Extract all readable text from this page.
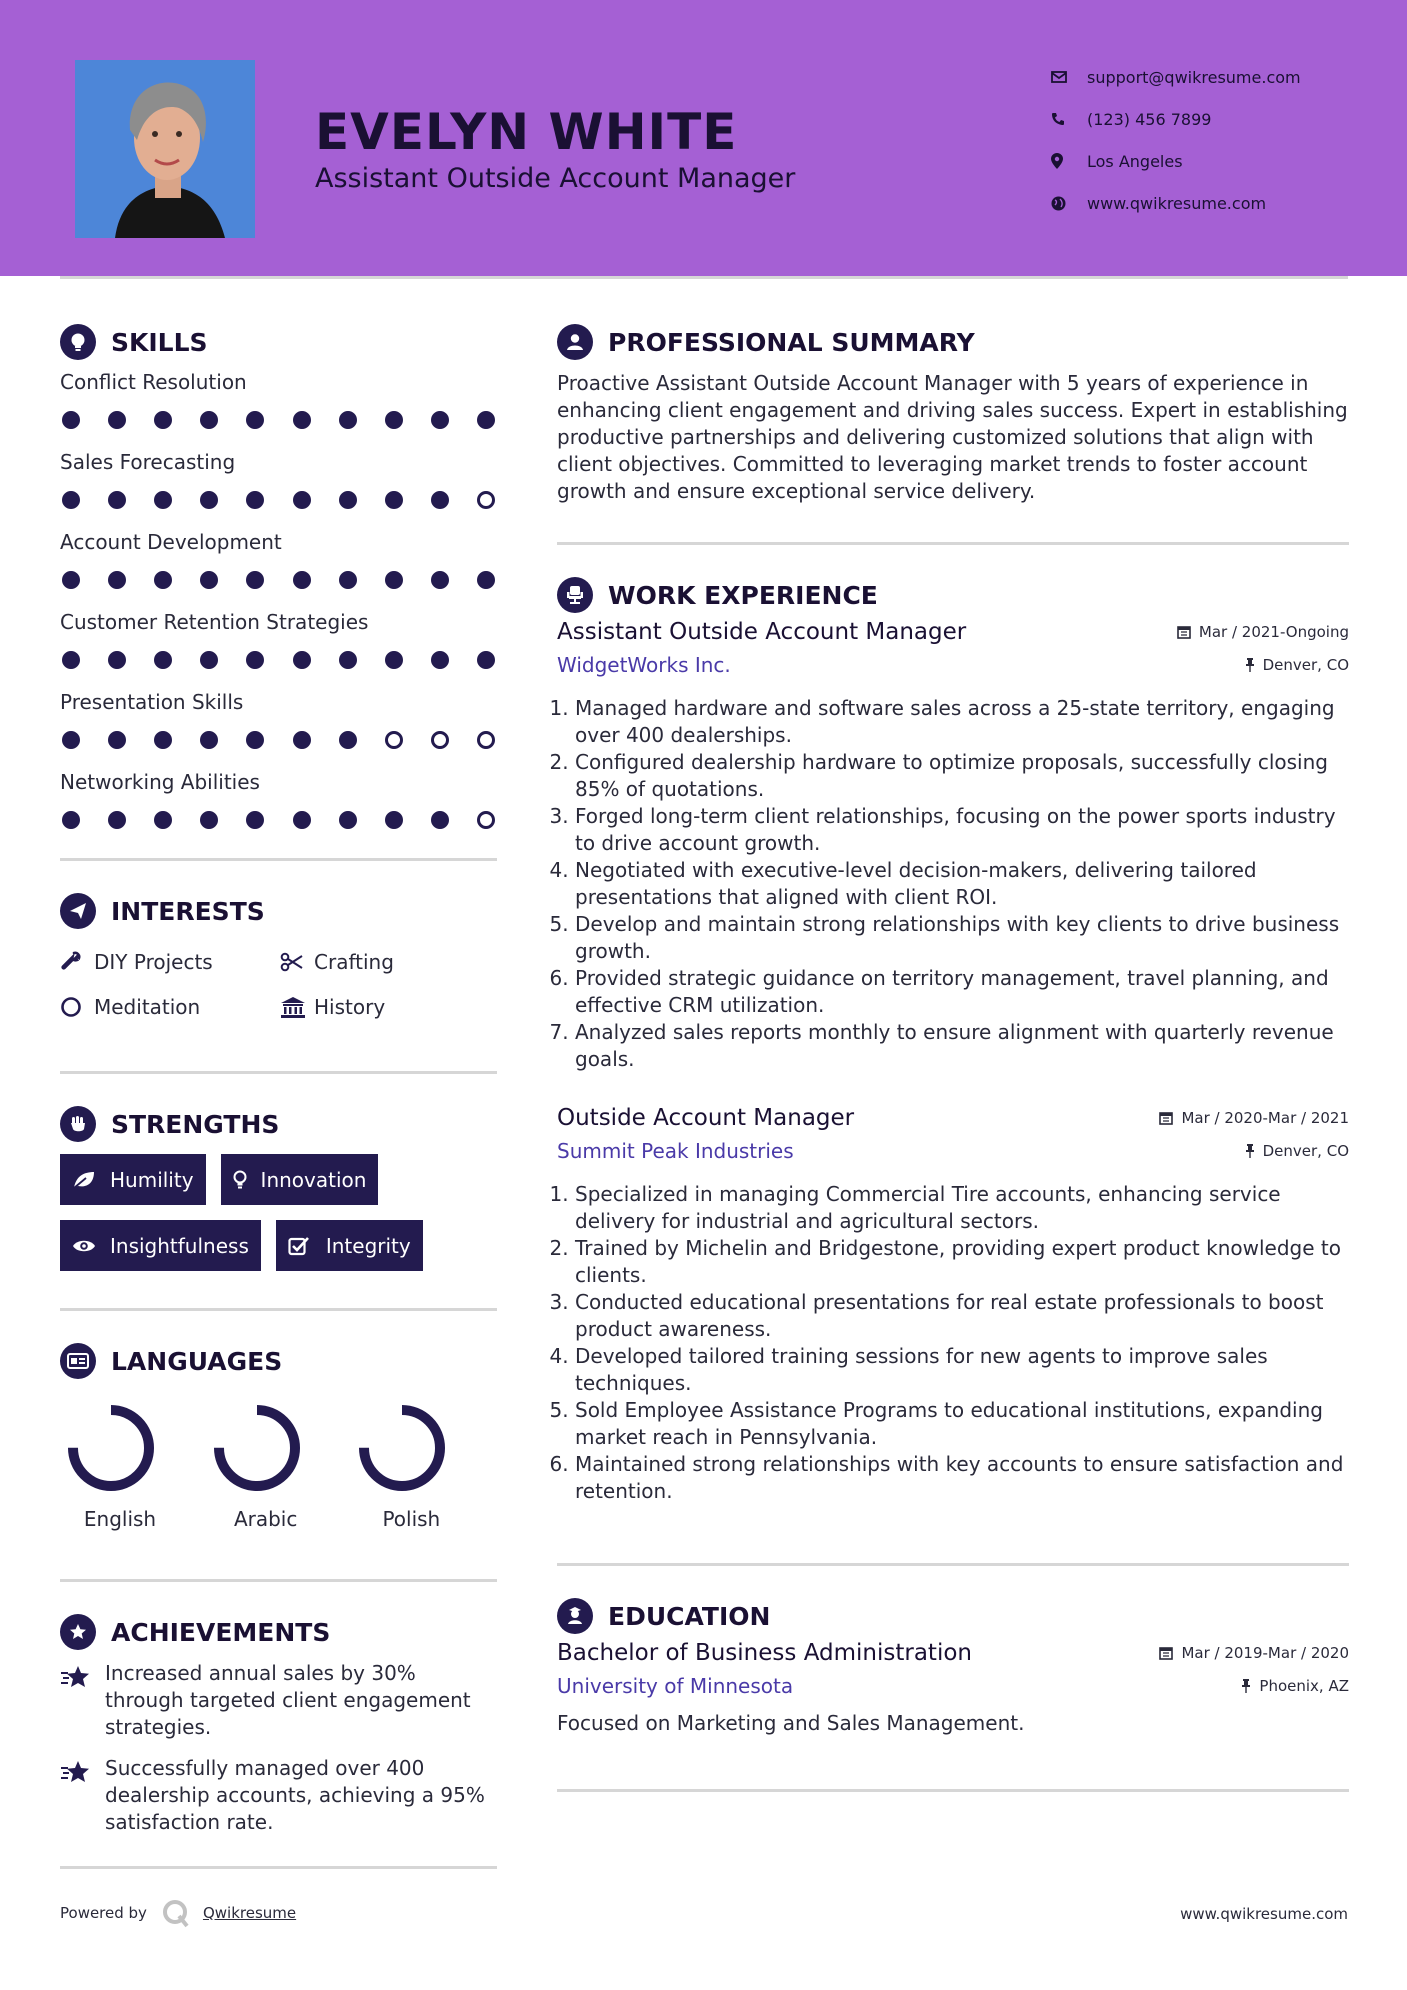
EVELYN WHITE
Assistant Outside Account Manager
support@qwikresume.com
(123) 456 7899
Los Angeles
www.qwikresume.com
SKILLS
Conflict Resolution
Sales Forecasting
Account Development
Customer Retention Strategies
Presentation Skills
Networking Abilities
INTERESTS
DIY Projects	Crafting
Meditation	History
STRENGTHS
Humility	Innovation
Insightfulness	Integrity
LANGUAGES
English	Arabic	Polish
ACHIEVEMENTS
Increased annual sales by 30% through targeted client engagement strategies.
Successfully managed over 400 dealership accounts, achieving a 95% satisfaction rate.
PROFESSIONAL SUMMARY

Proactive Assistant Outside Account Manager with 5 years of experience in enhancing client engagement and driving sales success. Expert in establishing productive partnerships and delivering customized solutions that align with client objectives. Committed to leveraging market trends to foster account growth and ensure exceptional service delivery.

WORK EXPERIENCE
Assistant Outside Account Manager	Mar / 2021-Ongoing
WidgetWorks Inc.	Denver, CO
1. Managed hardware and software sales across a 25-state territory, engaging over 400 dealerships.
2. Configured dealership hardware to optimize proposals, successfully closing 85% of quotations.
3. Forged long-term client relationships, focusing on the power sports industry to drive account growth.
4. Negotiated with executive-level decision-makers, delivering tailored presentations that aligned with client ROI.
5. Develop and maintain strong relationships with key clients to drive business growth.
6. Provided strategic guidance on territory management, travel planning, and effective CRM utilization.
7. Analyzed sales reports monthly to ensure alignment with quarterly revenue goals.
Outside Account Manager	Mar / 2020-Mar / 2021
Summit Peak Industries	Denver, CO
1. Specialized in managing Commercial Tire accounts, enhancing service delivery for industrial and agricultural sectors.
2. Trained by Michelin and Bridgestone, providing expert product knowledge to clients.
3. Conducted educational presentations for real estate professionals to boost product awareness.
4. Developed tailored training sessions for new agents to improve sales techniques.
5. Sold Employee Assistance Programs to educational institutions, expanding market reach in Pennsylvania.
6. Maintained strong relationships with key accounts to ensure satisfaction and retention.
EDUCATION
Bachelor of Business Administration	Mar / 2019-Mar / 2020
University of Minnesota	Phoenix, AZ

Focused on Marketing and Sales Management.

Powered by	Qwikresume	www.qwikresume.com
